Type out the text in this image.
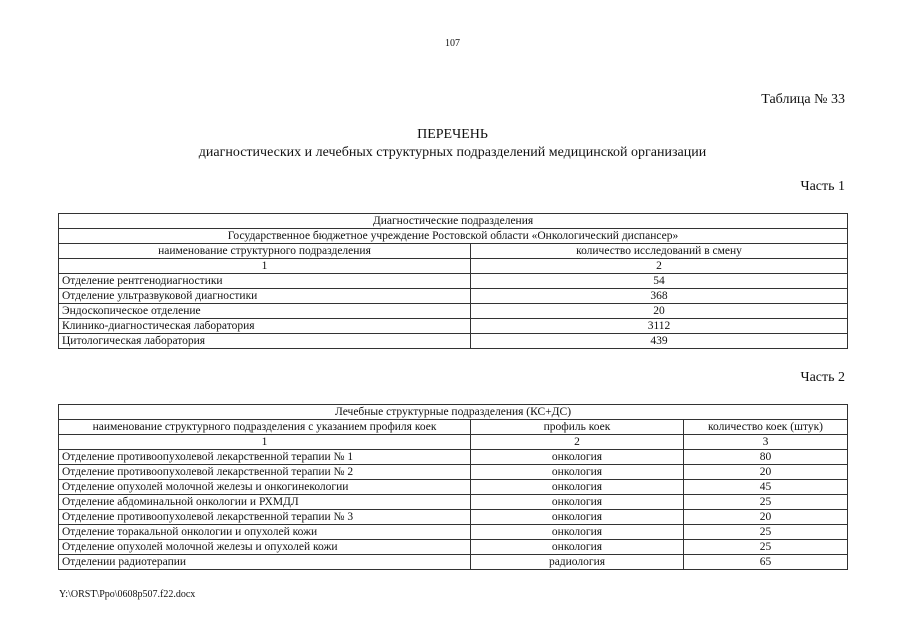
107
Таблица № 33
ПЕРЕЧЕНЬ
диагностических и лечебных структурных подразделений медицинской организации
Часть 1
Диагностические подразделения	
Государственное бюджетное учреждение Ростовской области «Онкологический диспансер»	
наименование структурного подразделения	количество исследований в смену
1	2
Отделение рентгенодиагностики	54
Отделение ультразвуковой диагностики	368
Эндоскопическое отделение	20
Клинико-диагностическая лаборатория	3112
Цитологическая лаборатория	439
Часть 2
Лечебные структурные подразделения (КС+ДС)		
наименование структурного подразделения с указанием профиля коек	профиль коек	количество коек (штук)
1	2	3
Отделение противоопухолевой лекарственной терапии № 1	онкология	80
Отделение противоопухолевой лекарственной терапии № 2	онкология	20
Отделение опухолей молочной железы и онкогинекологии	онкология	45
Отделение абдоминальной онкологии и РХМДЛ	онкология	25
Отделение противоопухолевой лекарственной терапии № 3	онкология	20
Отделение торакальной онкологии и опухолей кожи	онкология	25
Отделение опухолей молочной железы и опухолей кожи	онкология	25
Отделении радиотерапии	радиология	65
Y:\ORST\Ppo\0608p507.f22.docx
